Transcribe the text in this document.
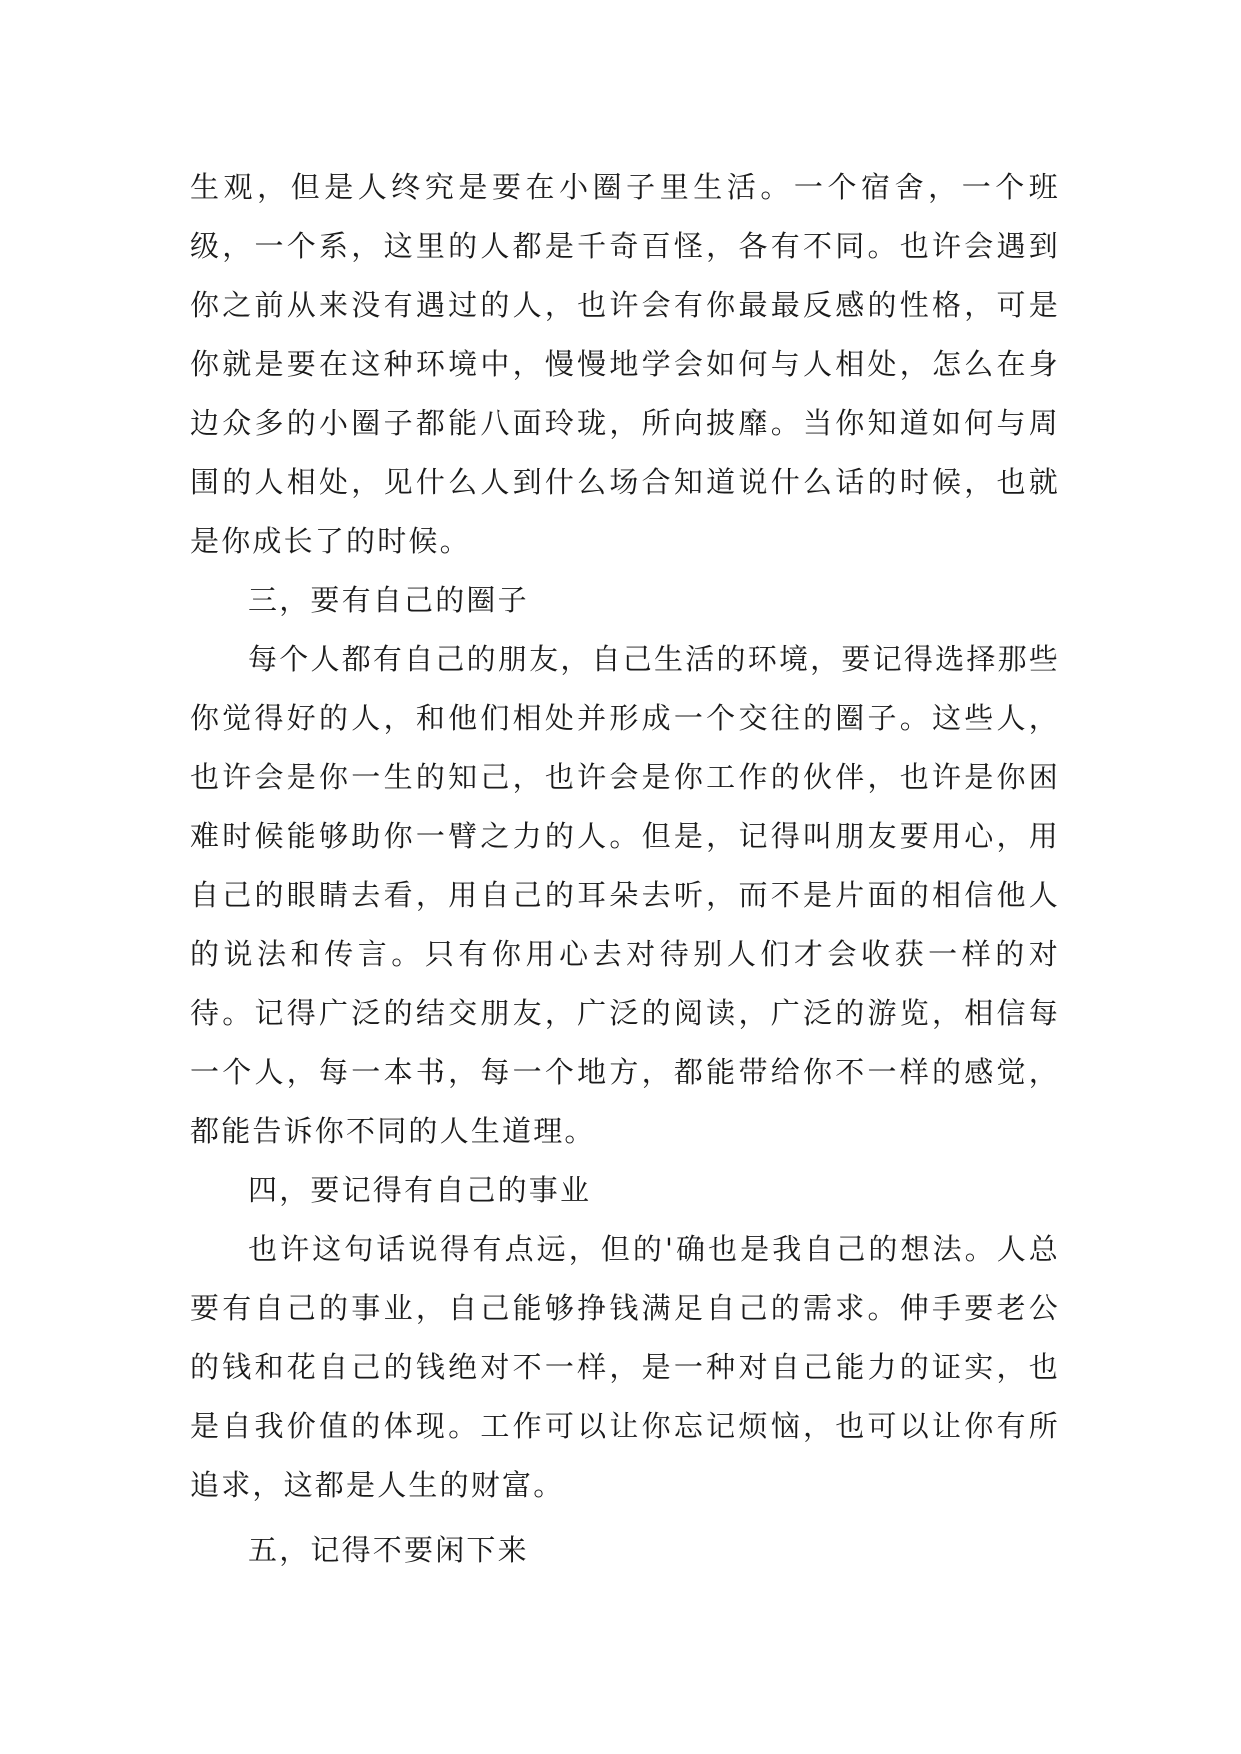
生观，但是人终究是要在小圈子里生活。一个宿舍，一个班级，一个系，这里的人都是千奇百怪，各有不同。也许会遇到你之前从来没有遇过的人，也许会有你最最反感的性格，可是你就是要在这种环境中，慢慢地学会如何与人相处，怎么在身边众多的小圈子都能八面玲珑，所向披靡。当你知道如何与周围的人相处，见什么人到什么场合知道说什么话的时候，也就是你成长了的时候。

三，要有自己的圈子

每个人都有自己的朋友，自己生活的环境，要记得选择那些你觉得好的人，和他们相处并形成一个交往的圈子。这些人，也许会是你一生的知己，也许会是你工作的伙伴，也许是你困难时候能够助你一臂之力的人。但是，记得叫朋友要用心，用自己的眼睛去看，用自己的耳朵去听，而不是片面的相信他人的说法和传言。只有你用心去对待别人们才会收获一样的对待。记得广泛的结交朋友，广泛的阅读，广泛的游览，相信每一个人，每一本书，每一个地方，都能带给你不一样的感觉，都能告诉你不同的人生道理。

四，要记得有自己的事业

也许这句话说得有点远，但的'确也是我自己的想法。人总要有自己的事业，自己能够挣钱满足自己的需求。伸手要老公的钱和花自己的钱绝对不一样，是一种对自己能力的证实，也是自我价值的体现。工作可以让你忘记烦恼，也可以让你有所追求，这都是人生的财富。

五，记得不要闲下来
